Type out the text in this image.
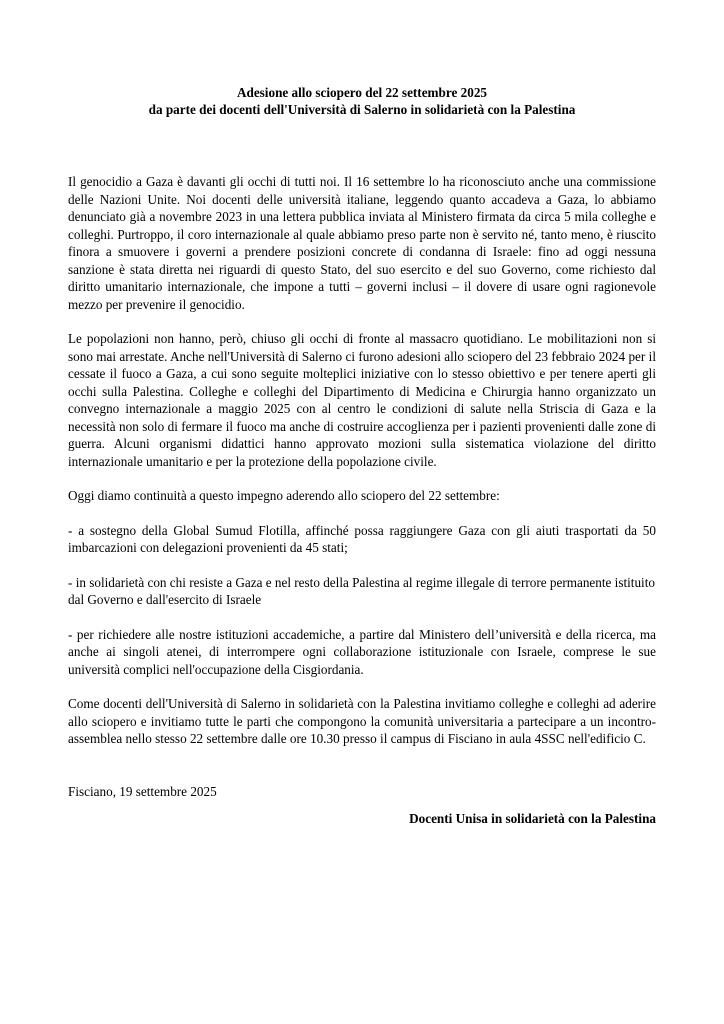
Adesione allo sciopero del 22 settembre 2025

da parte dei docenti dell'Università di Salerno in solidarietà con la Palestina

Il genocidio a Gaza è davanti gli occhi di tutti noi. Il 16 settembre lo ha riconosciuto anche una commissione delle Nazioni Unite. Noi docenti delle università italiane, leggendo quanto accadeva a Gaza, lo abbiamo denunciato già a novembre 2023 in una lettera pubblica inviata al Ministero firmata da circa 5 mila colleghe e colleghi. Purtroppo, il coro internazionale al quale abbiamo preso parte non è servito né, tanto meno, è riuscito finora a smuovere i governi a prendere posizioni concrete di condanna di Israele: fino ad oggi nessuna sanzione è stata diretta nei riguardi di questo Stato, del suo esercito e del suo Governo, come richiesto dal diritto umanitario internazionale, che impone a tutti – governi inclusi – il dovere di usare ogni ragionevole mezzo per prevenire il genocidio.

Le popolazioni non hanno, però, chiuso gli occhi di fronte al massacro quotidiano. Le mobilitazioni non si sono mai arrestate. Anche nell'Università di Salerno ci furono adesioni allo sciopero del 23 febbraio 2024 per il cessate il fuoco a Gaza, a cui sono seguite molteplici iniziative con lo stesso obiettivo e per tenere aperti gli occhi sulla Palestina. Colleghe e colleghi del Dipartimento di Medicina e Chirurgia hanno organizzato un convegno internazionale a maggio 2025 con al centro le condizioni di salute nella Striscia di Gaza e la necessità non solo di fermare il fuoco ma anche di costruire accoglienza per i pazienti provenienti dalle zone di guerra. Alcuni organismi didattici hanno approvato mozioni sulla sistematica violazione del diritto internazionale umanitario e per la protezione della popolazione civile.

Oggi diamo continuità a questo impegno aderendo allo sciopero del 22 settembre:

- a sostegno della Global Sumud Flotilla, affinché possa raggiungere Gaza con gli aiuti trasportati da 50 imbarcazioni con delegazioni provenienti da 45 stati;

- in solidarietà con chi resiste a Gaza e nel resto della Palestina al regime illegale di terrore permanente istituito dal Governo e dall'esercito di Israele

- per richiedere alle nostre istituzioni accademiche, a partire dal Ministero dell’università e della ricerca, ma anche ai singoli atenei, di interrompere ogni collaborazione istituzionale con Israele, comprese le sue università complici nell'occupazione della Cisgiordania.

Come docenti dell'Università di Salerno in solidarietà con la Palestina invitiamo colleghe e colleghi ad aderire allo sciopero e invitiamo tutte le parti che compongono la comunità universitaria a partecipare a un incontro-assemblea nello stesso 22 settembre dalle ore 10.30 presso il campus di Fisciano in aula 4SSC nell'edificio C.

Fisciano, 19 settembre 2025

Docenti Unisa in solidarietà con la Palestina
